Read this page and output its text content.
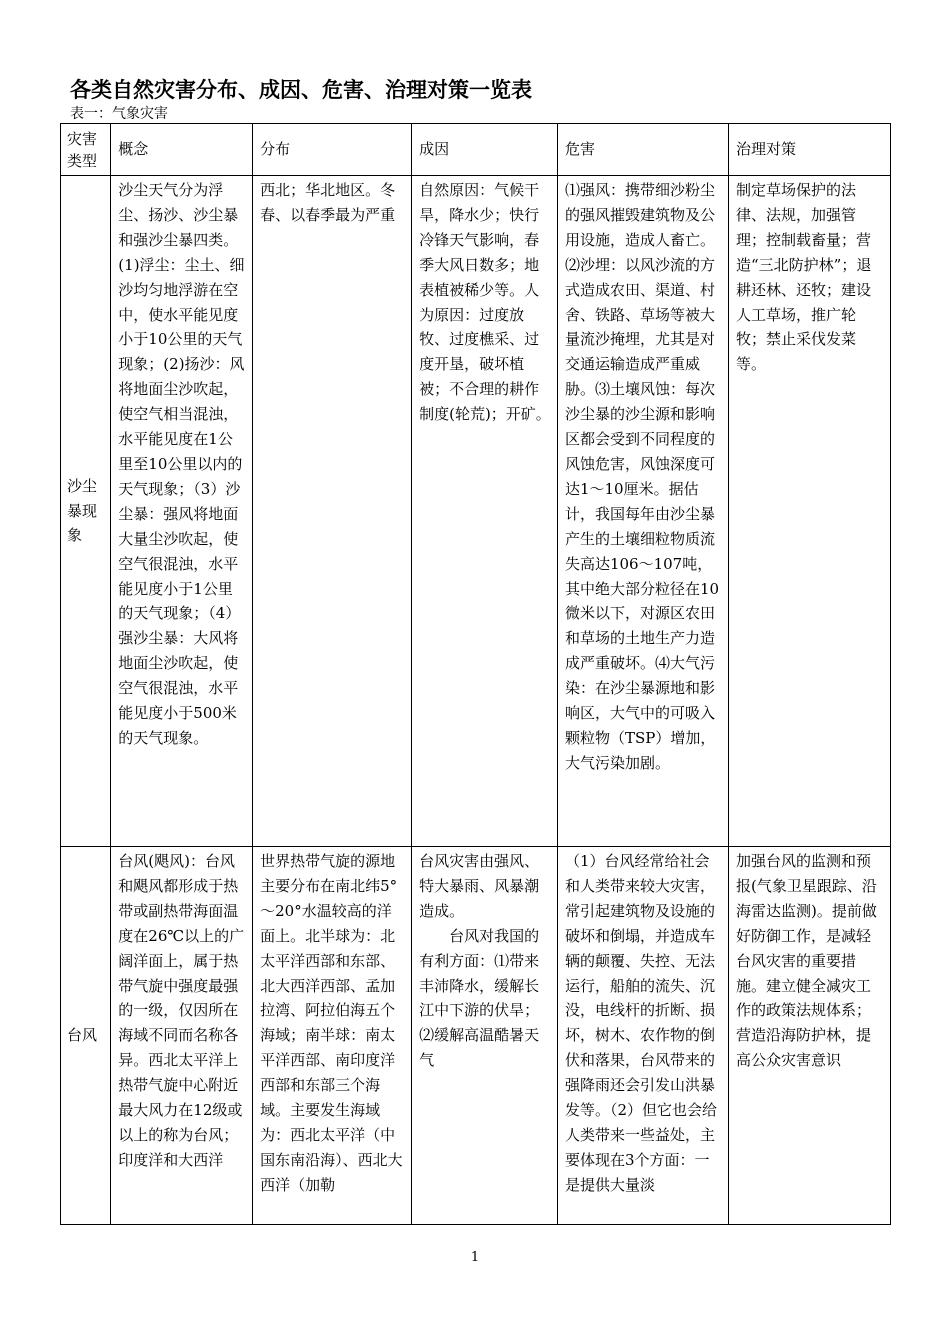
各类自然灾害分布、成因、危害、治理对策一览表
表一：气象灾害
灾害类型	概念	分布	成因	危害	治理对策
沙尘暴现象	沙尘天气分为浮尘、扬沙、沙尘暴和强沙尘暴四类。(1)浮尘：尘土、细沙均匀地浮游在空中，使水平能见度小于10公里的天气现象；(2)扬沙：风将地面尘沙吹起，使空气相当混浊，水平能见度在1公里至10公里以内的天气现象；（3）沙尘暴：强风将地面大量尘沙吹起，使空气很混浊，水平能见度小于1公里的天气现象；（4）强沙尘暴：大风将地面尘沙吹起，使空气很混浊，水平能见度小于500米的天气现象。	西北；华北地区。冬春、以春季最为严重	自然原因：气候干旱，降水少；快行冷锋天气影响，春季大风日数多；地表植被稀少等。人为原因：过度放牧、过度樵采、过度开垦，破坏植被；不合理的耕作制度(轮荒)；开矿。	⑴强风：携带细沙粉尘的强风摧毁建筑物及公用设施，造成人畜亡。⑵沙埋：以风沙流的方式造成农田、渠道、村舍、铁路、草场等被大量流沙掩埋，尤其是对交通运输造成严重威胁。⑶土壤风蚀：每次沙尘暴的沙尘源和影响区都会受到不同程度的风蚀危害，风蚀深度可达1～10厘米。据估计，我国每年由沙尘暴产生的土壤细粒物质流失高达106～107吨，其中绝大部分粒径在10微米以下，对源区农田和草场的土地生产力造成严重破坏。⑷大气污染：在沙尘暴源地和影响区，大气中的可吸入颗粒物（TSP）增加，大气污染加剧。	制定草场保护的法律、法规，加强管理；控制载畜量；营造“三北防护林”；退耕还林、还牧；建设人工草场，推广轮牧；禁止采伐发菜等。
台风	台风(飓风)：台风和飓风都形成于热带或副热带海面温度在26℃以上的广阔洋面上，属于热带气旋中强度最强的一级，仅因所在海域不同而名称各异。西北太平洋上热带气旋中心附近最大风力在12级或以上的称为台风；印度洋和大西洋	世界热带气旋的源地主要分布在南北纬5°～20°水温较高的洋面上。北半球为：北太平洋西部和东部、北大西洋西部、孟加拉湾、阿拉伯海五个海域；南半球：南太平洋西部、南印度洋西部和东部三个海域。主要发生海域为：西北太平洋（中国东南沿海）、西北大西洋（加勒	台风灾害由强风、特大暴雨、风暴潮造成。
台风对我国的有利方面：⑴带来丰沛降水，缓解长江中下游的伏旱；⑵缓解高温酷暑天气	（1）台风经常给社会和人类带来较大灾害，常引起建筑物及设施的破坏和倒塌，并造成车辆的颠覆、失控、无法运行，船舶的流失、沉没，电线杆的折断、损坏，树木、农作物的倒伏和落果，台风带来的强降雨还会引发山洪暴发等。（2）但它也会给人类带来一些益处，主要体现在3个方面：一是提供大量淡	加强台风的监测和预报(气象卫星跟踪、沿海雷达监测)。提前做好防御工作，是减轻台风灾害的重要措施。建立健全减灾工作的政策法规体系；营造沿海防护林，提高公众灾害意识
1
